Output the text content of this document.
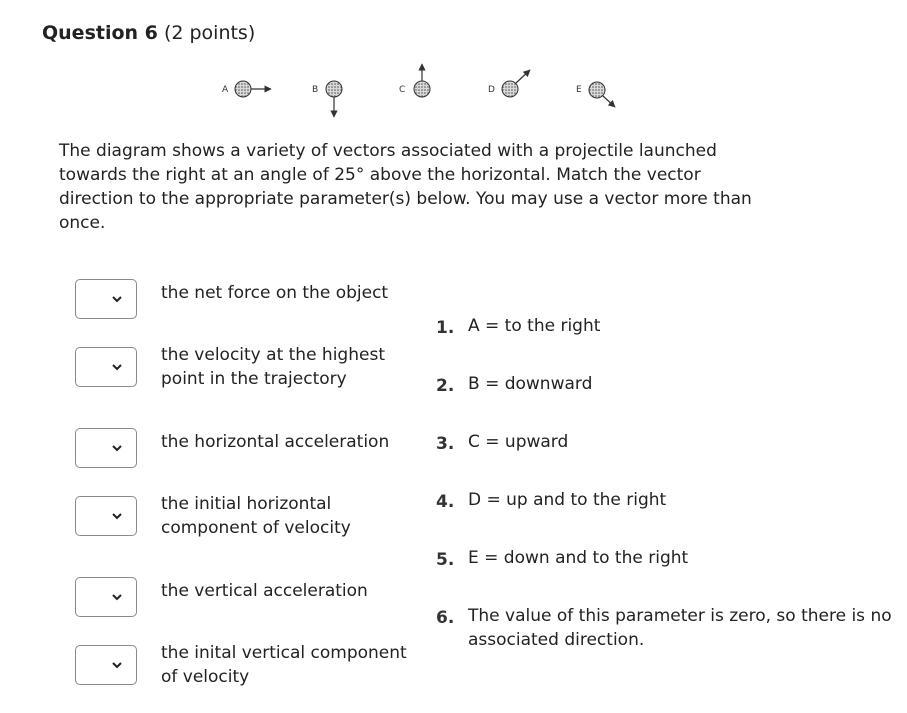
Question 6 (2 points)
A	B	C	D	E

The diagram shows a variety of vectors associated with a projectile launched towards the right at an angle of 25° above the horizontal. Match the vector direction to the appropriate parameter(s) below. You may use a vector more than once.

the net force on the object
the velocity at the highest point in the trajectory
the horizontal acceleration
the initial horizontal component of velocity
the vertical acceleration
the inital vertical component of velocity
1. A = to the right
2. B = downward
3. C = upward
4. D = up and to the right
5. E = down and to the right
6. The value of this parameter is zero, so there is no associated direction.
